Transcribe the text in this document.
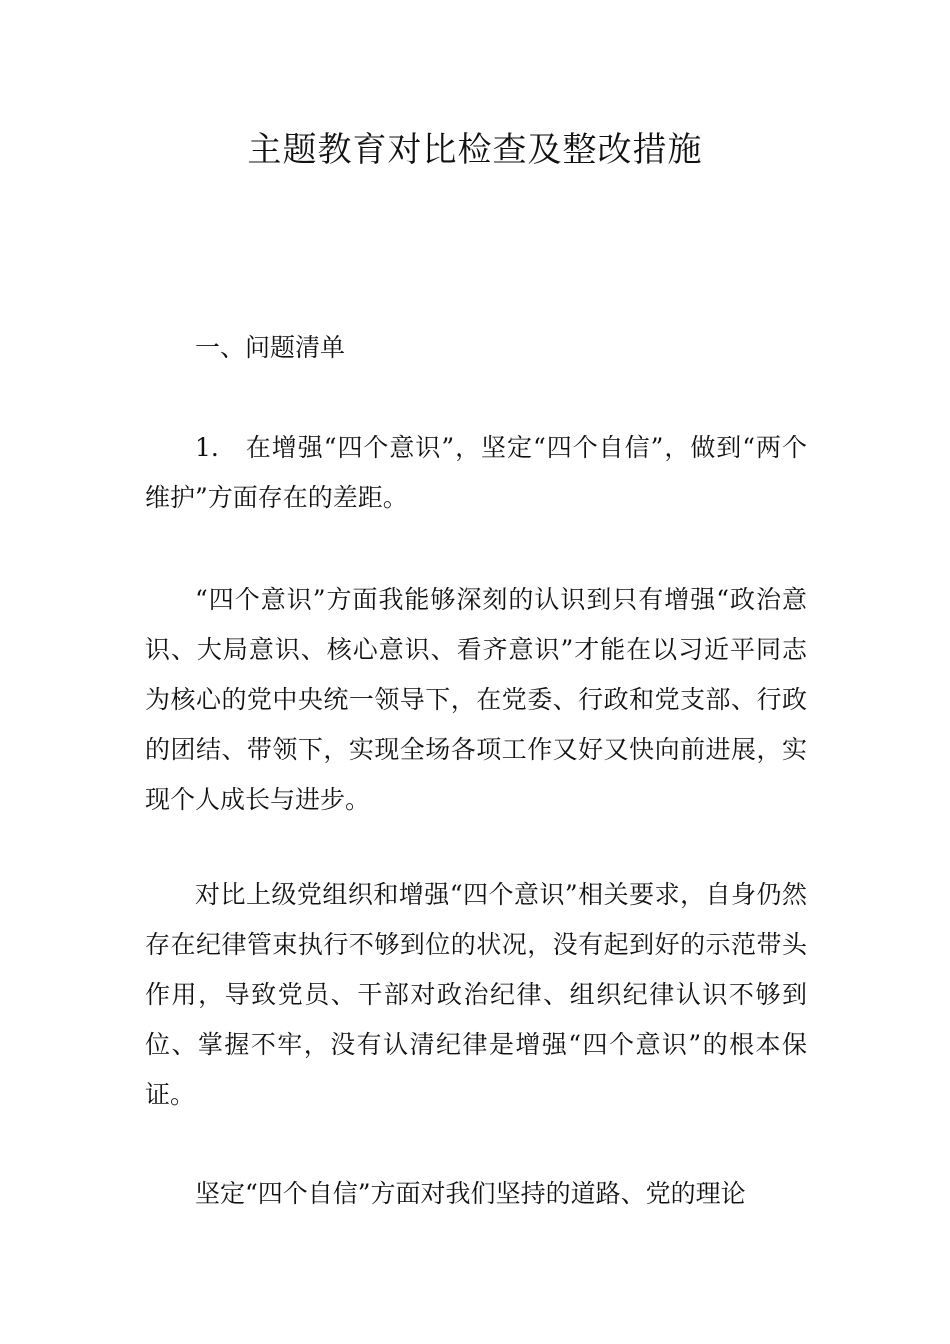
主题教育对比检查及整改措施

一、问题清单

1.　在增强“四个意识”，坚定“四个自信”，做到“两个维护”方面存在的差距。

“四个意识”方面我能够深刻的认识到只有增强“政治意识、大局意识、核心意识、看齐意识”才能在以习近平同志为核心的党中央统一领导下，在党委、行政和党支部、行政的团结、带领下，实现全场各项工作又好又快向前进展，实现个人成长与进步。

对比上级党组织和增强“四个意识”相关要求，自身仍然存在纪律管束执行不够到位的状况，没有起到好的示范带头作用，导致党员、干部对政治纪律、组织纪律认识不够到位、掌握不牢，没有认清纪律是增强“四个意识”的根本保证。

坚定“四个自信”方面对我们坚持的道路、党的理论
